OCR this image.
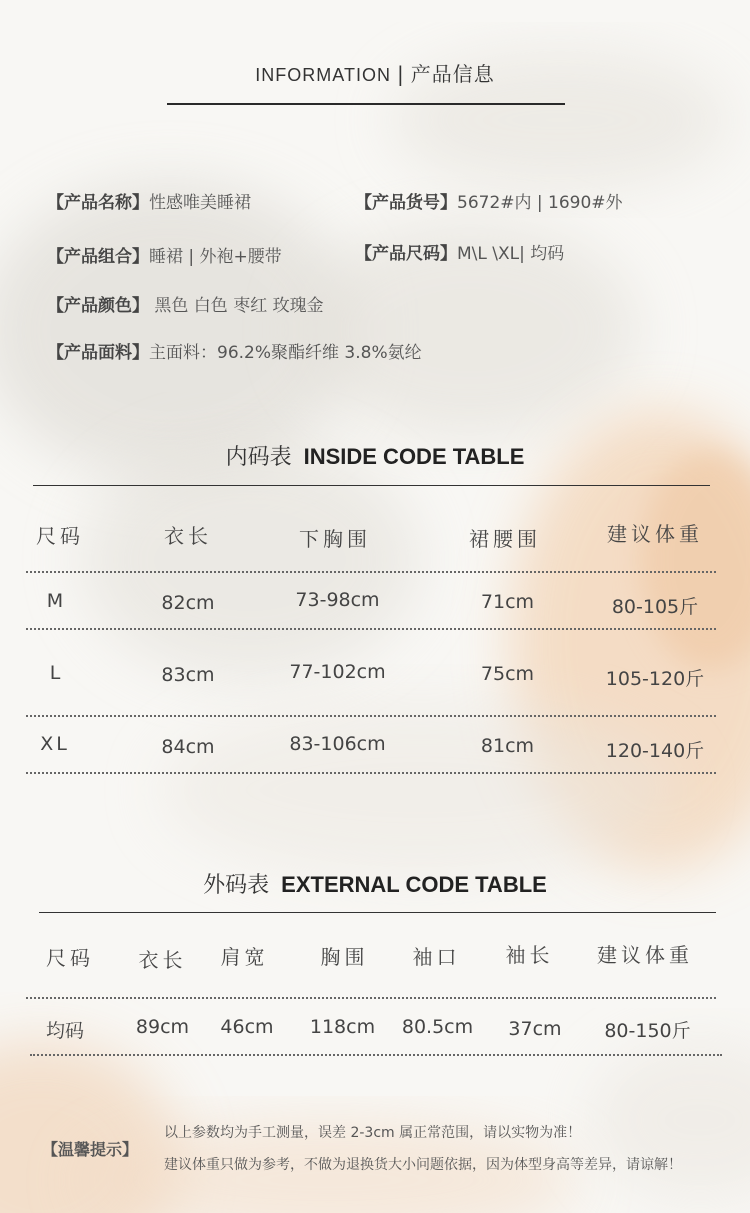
INFORMATION | 产品信息
【产品名称】性感唯美睡裙	【产品货号】5672#内 | 1690#外
【产品组合】睡裙 | 外袍+腰带	【产品尺码】M\L \XL| 均码
【产品颜色】 黑色 白色 枣红 玫瑰金
【产品面料】主面料：96.2%聚酯纤维 3.8%氨纶
内码表 INSIDE CODE TABLE
尺码	衣长	下胸围	裙腰围	建议体重
M	82cm	73-98cm	71cm	80-105斤
L	83cm	77-102cm	75cm	105-120斤
XL	84cm	83-106cm	81cm	120-140斤
外码表 EXTERNAL CODE TABLE
尺码	衣长	肩宽	胸围	袖口	袖长	建议体重
均码	89cm	46cm	118cm	80.5cm	37cm	80-150斤
【温馨提示】
以上参数均为手工测量，误差 2-3cm 属正常范围，请以实物为准！
建议体重只做为参考，不做为退换货大小问题依据，因为体型身高等差异，请谅解！
